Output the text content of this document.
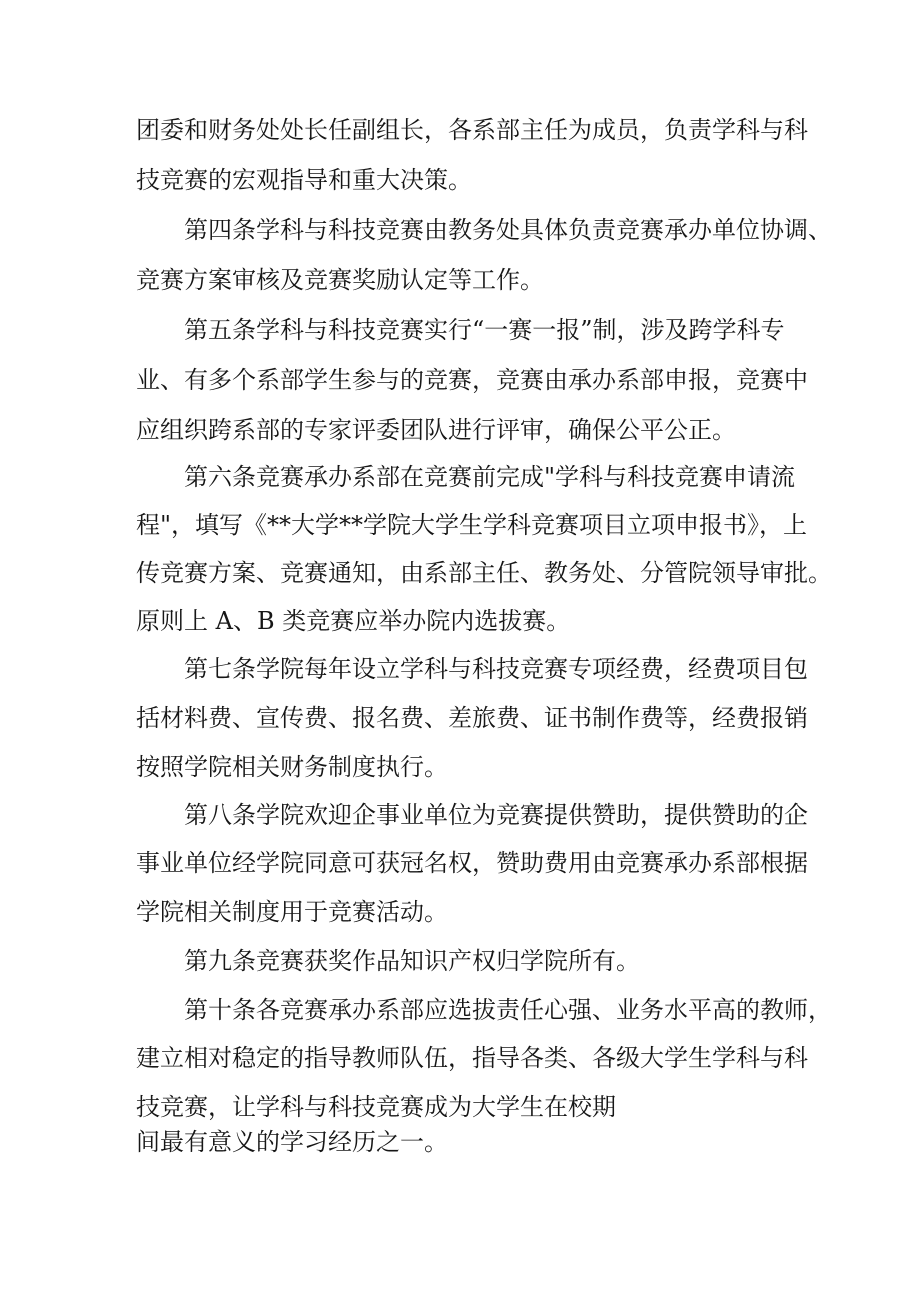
团委和财务处处长任副组长，各系部主任为成员，负责学科与科
技竞赛的宏观指导和重大决策。
　　第四条学科与科技竞赛由教务处具体负责竞赛承办单位协调、
竞赛方案审核及竞赛奖励认定等工作。
　　第五条学科与科技竞赛实行“一赛一报”制，涉及跨学科专
业、有多个系部学生参与的竞赛，竞赛由承办系部申报，竞赛中
应组织跨系部的专家评委团队进行评审，确保公平公正。
　　第六条竞赛承办系部在竞赛前完成"学科与科技竞赛申请流
程"，填写《**大学**学院大学生学科竞赛项目立项申报书》，上
传竞赛方案、竞赛通知，由系部主任、教务处、分管院领导审批。
原则上 A、B 类竞赛应举办院内选拔赛。
　　第七条学院每年设立学科与科技竞赛专项经费，经费项目包
括材料费、宣传费、报名费、差旅费、证书制作费等，经费报销
按照学院相关财务制度执行。
　　第八条学院欢迎企事业单位为竞赛提供赞助，提供赞助的企
事业单位经学院同意可获冠名权，赞助费用由竞赛承办系部根据
学院相关制度用于竞赛活动。
　　第九条竞赛获奖作品知识产权归学院所有。
　　第十条各竞赛承办系部应选拔责任心强、业务水平高的教师，
建立相对稳定的指导教师队伍，指导各类、各级大学生学科与科
技竞赛，让学科与科技竞赛成为大学生在校期
间最有意义的学习经历之一。
